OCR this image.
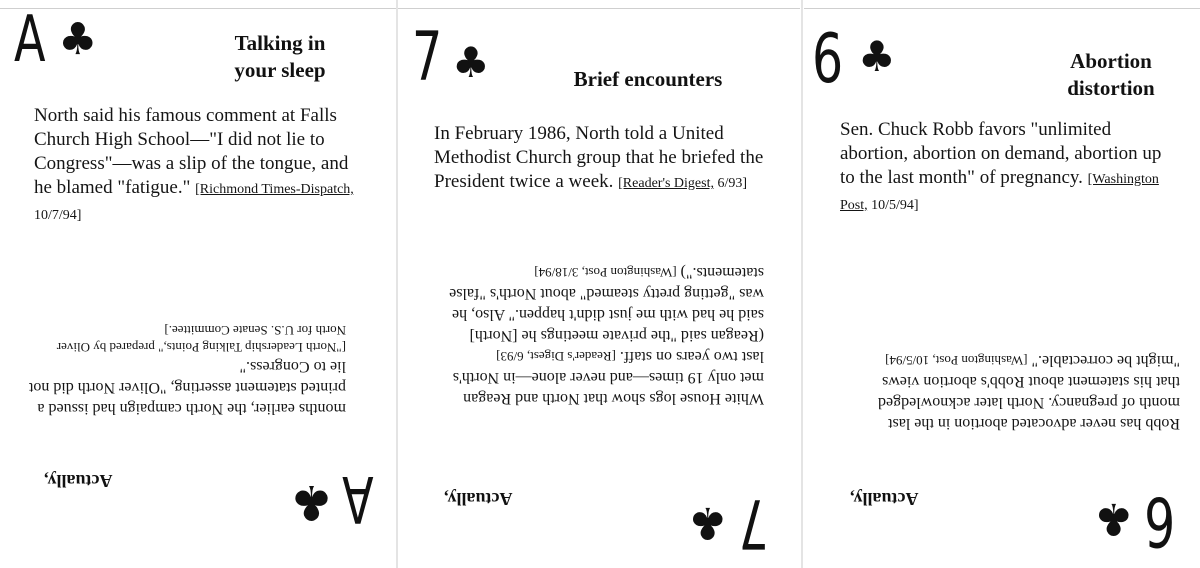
A ♣	Talking in
your sleep
North said his famous comment at Falls Church High School—"I did not lie to Congress"—was a slip of the tongue, and he blamed "fatigue." [Richmond Times-Dispatch, 10/7/94]
months earlier, the North campaign had issued a printed statement asserting, "Oliver North did not lie to Congress."
["North Leadership Talking Points," prepared by Oliver North for U.S. Senate Committee.]
Actually,	♣ A
7 ♣	Brief encounters
In February 1986, North told a United Methodist Church group that he briefed the President twice a week. [Reader's Digest, 6/93]
White House logs show that North and Reagan met only 19 times—and never alone—in North's last two years on staff. [Reader's Digest, 6/93] (Reagan said "the private meetings he [North] said he had with me just didn't happen." Also, he was "getting pretty steamed" about North's "false statements.") [Washington Post, 3/18/94]
Actually,	♣ 7
6 ♣	Abortion
distortion
Sen. Chuck Robb favors "unlimited abortion, abortion on demand, abortion up to the last month" of pregnancy. [Washington Post, 10/5/94]
Robb has never advocated abortion in the last month of pregnancy. North later acknowledged that his statement about Robb's abortion views "might be correctable." [Washington Post, 10/5/94]
Actually,	♣ 6
